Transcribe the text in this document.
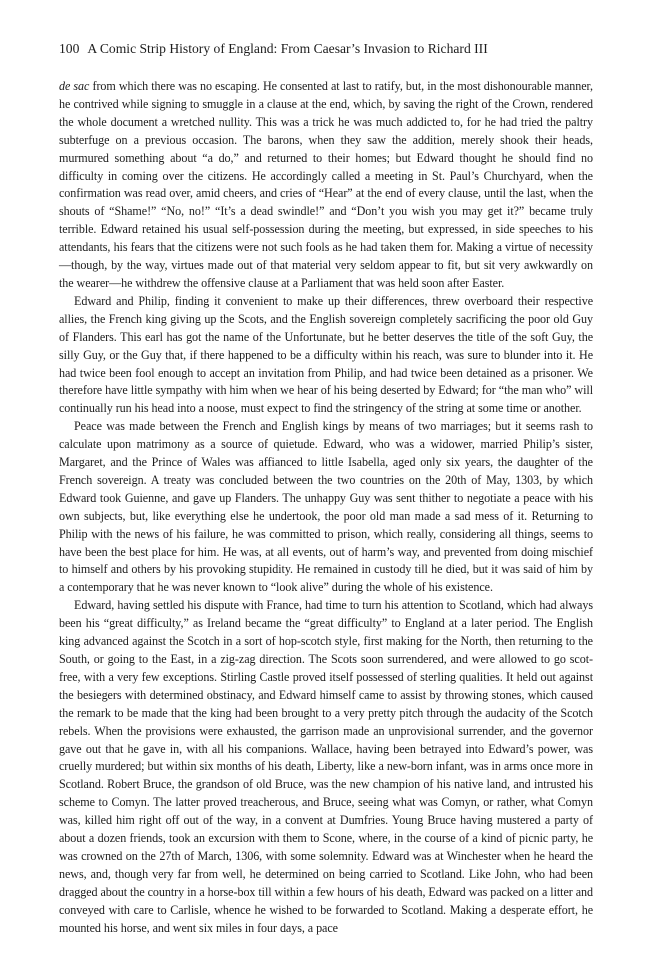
100 A Comic Strip History of England: From Caesar’s Invasion to Richard III

de sac from which there was no escaping. He consented at last to ratify, but, in the most dishonourable manner, he contrived while signing to smuggle in a clause at the end, which, by saving the right of the Crown, rendered the whole document a wretched nullity. This was a trick he was much addicted to, for he had tried the paltry subterfuge on a previous occasion. The barons, when they saw the addition, merely shook their heads, murmured something about “a do,” and returned to their homes; but Edward thought he should find no difficulty in coming over the citizens. He accordingly called a meeting in St. Paul’s Churchyard, when the confirmation was read over, amid cheers, and cries of “Hear” at the end of every clause, until the last, when the shouts of “Shame!” “No, no!” “It’s a dead swindle!” and “Don’t you wish you may get it?” became truly terrible. Edward retained his usual self-possession during the meeting, but expressed, in side speeches to his attendants, his fears that the citizens were not such fools as he had taken them for. Making a virtue of necessity—though, by the way, virtues made out of that material very seldom appear to fit, but sit very awkwardly on the wearer—he withdrew the offensive clause at a Parliament that was held soon after Easter.

Edward and Philip, finding it convenient to make up their differences, threw overboard their respective allies, the French king giving up the Scots, and the English sovereign completely sacrificing the poor old Guy of Flanders. This earl has got the name of the Unfortunate, but he better deserves the title of the soft Guy, the silly Guy, or the Guy that, if there happened to be a difficulty within his reach, was sure to blunder into it. He had twice been fool enough to accept an invitation from Philip, and had twice been detained as a prisoner. We therefore have little sympathy with him when we hear of his being deserted by Edward; for “the man who” will continually run his head into a noose, must expect to find the stringency of the string at some time or another.

Peace was made between the French and English kings by means of two marriages; but it seems rash to calculate upon matrimony as a source of quietude. Edward, who was a widower, married Philip’s sister, Margaret, and the Prince of Wales was affianced to little Isabella, aged only six years, the daughter of the French sovereign. A treaty was concluded between the two countries on the 20th of May, 1303, by which Edward took Guienne, and gave up Flanders. The unhappy Guy was sent thither to negotiate a peace with his own subjects, but, like everything else he undertook, the poor old man made a sad mess of it. Returning to Philip with the news of his failure, he was committed to prison, which really, considering all things, seems to have been the best place for him. He was, at all events, out of harm’s way, and prevented from doing mischief to himself and others by his provoking stupidity. He remained in custody till he died, but it was said of him by a contemporary that he was never known to “look alive” during the whole of his existence.

Edward, having settled his dispute with France, had time to turn his attention to Scotland, which had always been his “great difficulty,” as Ireland became the “great difficulty” to England at a later period. The English king advanced against the Scotch in a sort of hop-scotch style, first making for the North, then returning to the South, or going to the East, in a zig-zag direction. The Scots soon surrendered, and were allowed to go scot-free, with a very few exceptions. Stirling Castle proved itself possessed of sterling qualities. It held out against the besiegers with determined obstinacy, and Edward himself came to assist by throwing stones, which caused the remark to be made that the king had been brought to a very pretty pitch through the audacity of the Scotch rebels. When the provisions were exhausted, the garrison made an unprovisional surrender, and the governor gave out that he gave in, with all his companions. Wallace, having been betrayed into Edward’s power, was cruelly murdered; but within six months of his death, Liberty, like a new-born infant, was in arms once more in Scotland. Robert Bruce, the grandson of old Bruce, was the new champion of his native land, and intrusted his scheme to Comyn. The latter proved treacherous, and Bruce, seeing what was Comyn, or rather, what Comyn was, killed him right off out of the way, in a convent at Dumfries. Young Bruce having mustered a party of about a dozen friends, took an excursion with them to Scone, where, in the course of a kind of picnic party, he was crowned on the 27th of March, 1306, with some solemnity. Edward was at Winchester when he heard the news, and, though very far from well, he determined on being carried to Scotland. Like John, who had been dragged about the country in a horse-box till within a few hours of his death, Edward was packed on a litter and conveyed with care to Carlisle, whence he wished to be forwarded to Scotland. Making a desperate effort, he mounted his horse, and went six miles in four days, a pace
